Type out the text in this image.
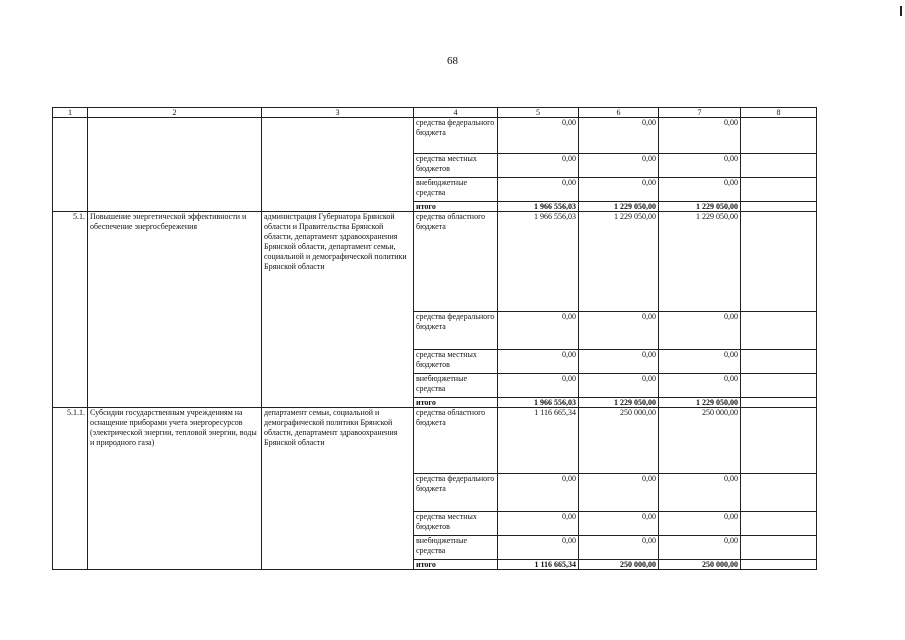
68
1	2	3	4	5	6	7	8
			средства федерального бюджета	0,00	0,00	0,00	
			средства местных бюджетов	0,00	0,00	0,00	
			внебюджетные средства	0,00	0,00	0,00	
			итого	1 966 556,03	1 229 050,00	1 229 050,00	
5.1.	Повышение энергетической эффективности и обеспечение энергосбережения	администрация Губернатора Брянской области и Правительства Брянской области, департамент здравоохранения Брянской области, департамент семьи, социальной и демографической политики Брянской области	средства областного бюджета	1 966 556,03	1 229 050,00	1 229 050,00	
			средства федерального бюджета	0,00	0,00	0,00	
			средства местных бюджетов	0,00	0,00	0,00	
			внебюджетные средства	0,00	0,00	0,00	
			итого	1 966 556,03	1 229 050,00	1 229 050,00	
5.1.1.	Субсидии государственным учреждениям на оснащение приборами учета энергоресурсов (электрической энергии, тепловой энергии, воды и природного газа)	департамент семьи, социальной и демографической политики Брянской области, департамент здравоохранения Брянской области	средства областного бюджета	1 116 665,34	250 000,00	250 000,00	
			средства федерального бюджета	0,00	0,00	0,00	
			средства местных бюджетов	0,00	0,00	0,00	
			внебюджетные средства	0,00	0,00	0,00	
			итого	1 116 665,34	250 000,00	250 000,00	
